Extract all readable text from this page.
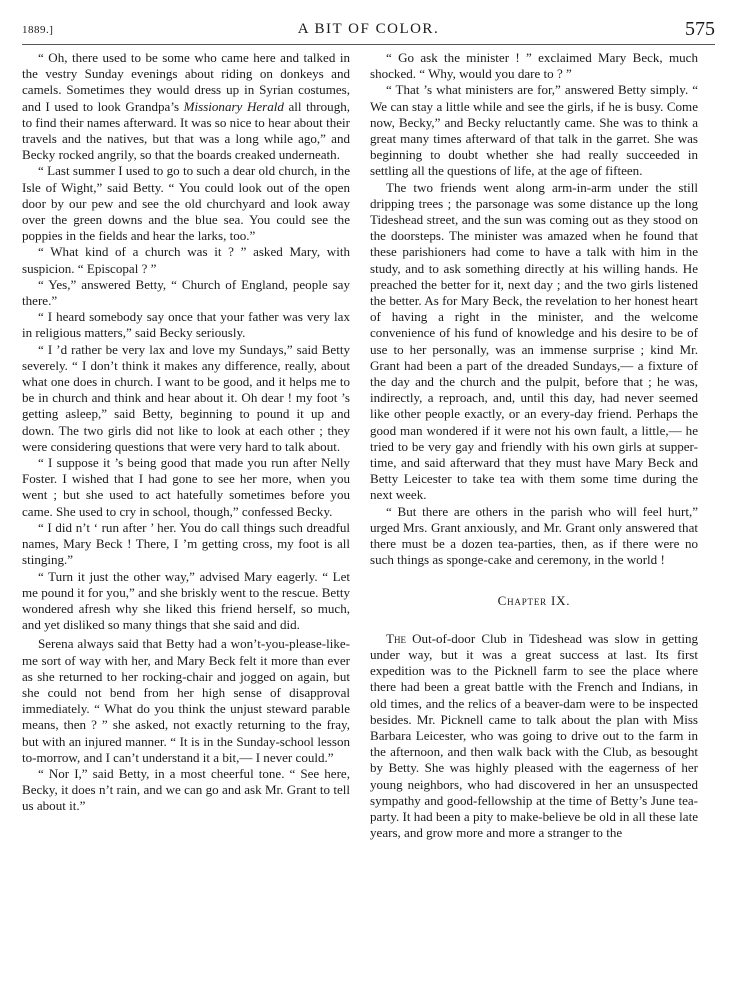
1889.]	A BIT OF COLOR.	575

“ Oh, there used to be some who came here and talked in the vestry Sunday evenings about riding on donkeys and camels. Sometimes they would dress up in Syrian costumes, and I used to look Grandpa’s Missionary Herald all through, to find their names afterward. It was so nice to hear about their travels and the natives, but that was a long while ago,” and Becky rocked angrily, so that the boards creaked underneath.

“ Last summer I used to go to such a dear old church, in the Isle of Wight,” said Betty. “ You could look out of the open door by our pew and see the old churchyard and look away over the green downs and the blue sea. You could see the poppies in the fields and hear the larks, too.”

“ What kind of a church was it ? ” asked Mary, with suspicion. “ Episcopal ? ”

“ Yes,” answered Betty, “ Church of England, people say there.”

“ I heard somebody say once that your father was very lax in religious matters,” said Becky seriously.

“ I ’d rather be very lax and love my Sundays,” said Betty severely. “ I don’t think it makes any difference, really, about what one does in church. I want to be good, and it helps me to be in church and think and hear about it. Oh dear ! my foot ’s getting asleep,” said Betty, beginning to pound it up and down. The two girls did not like to look at each other ; they were considering questions that were very hard to talk about.

“ I suppose it ’s being good that made you run after Nelly Foster. I wished that I had gone to see her more, when you went ; but she used to act hatefully sometimes before you came. She used to cry in school, though,” confessed Becky.

“ I did n’t ‘ run after ’ her. You do call things such dreadful names, Mary Beck ! There, I ’m getting cross, my foot is all stinging.”

“ Turn it just the other way,” advised Mary eagerly. “ Let me pound it for you,” and she briskly went to the rescue. Betty wondered afresh why she liked this friend herself, so much, and yet disliked so many things that she said and did.

Serena always said that Betty had a won’t-you-please-like-me sort of way with her, and Mary Beck felt it more than ever as she returned to her rocking-chair and jogged on again, but she could not bend from her high sense of disapproval immediately. “ What do you think the unjust steward parable means, then ? ” she asked, not exactly returning to the fray, but with an injured manner. “ It is in the Sunday-school lesson to-morrow, and I can’t understand it a bit,— I never could.”

“ Nor I,” said Betty, in a most cheerful tone. “ See here, Becky, it does n’t rain, and we can go and ask Mr. Grant to tell us about it.”

“ Go ask the minister ! ” exclaimed Mary Beck, much shocked. “ Why, would you dare to ? ”

“ That ’s what ministers are for,” answered Betty simply. “ We can stay a little while and see the girls, if he is busy. Come now, Becky,” and Becky reluctantly came. She was to think a great many times afterward of that talk in the garret. She was beginning to doubt whether she had really succeeded in settling all the questions of life, at the age of fifteen.

The two friends went along arm-in-arm under the still dripping trees ; the parsonage was some distance up the long Tideshead street, and the sun was coming out as they stood on the doorsteps. The minister was amazed when he found that these parishioners had come to have a talk with him in the study, and to ask something directly at his willing hands. He preached the better for it, next day ; and the two girls listened the better. As for Mary Beck, the revelation to her honest heart of having a right in the minister, and the welcome convenience of his fund of knowledge and his desire to be of use to her personally, was an immense surprise ; kind Mr. Grant had been a part of the dreaded Sundays,— a fixture of the day and the church and the pulpit, before that ; he was, indirectly, a reproach, and, until this day, had never seemed like other people exactly, or an every-day friend. Perhaps the good man wondered if it were not his own fault, a little,— he tried to be very gay and friendly with his own girls at supper-time, and said afterward that they must have Mary Beck and Betty Leicester to take tea with them some time during the next week.

“ But there are others in the parish who will feel hurt,” urged Mrs. Grant anxiously, and Mr. Grant only answered that there must be a dozen tea-parties, then, as if there were no such things as sponge-cake and ceremony, in the world !

Chapter IX.

The Out-of-door Club in Tideshead was slow in getting under way, but it was a great success at last. Its first expedition was to the Picknell farm to see the place where there had been a great battle with the French and Indians, in old times, and the relics of a beaver-dam were to be inspected besides. Mr. Picknell came to talk about the plan with Miss Barbara Leicester, who was going to drive out to the farm in the afternoon, and then walk back with the Club, as besought by Betty. She was highly pleased with the eagerness of her young neighbors, who had discovered in her an unsuspected sympathy and good-fellowship at the time of Betty’s June tea-party. It had been a pity to make-believe be old in all these late years, and grow more and more a stranger to the
